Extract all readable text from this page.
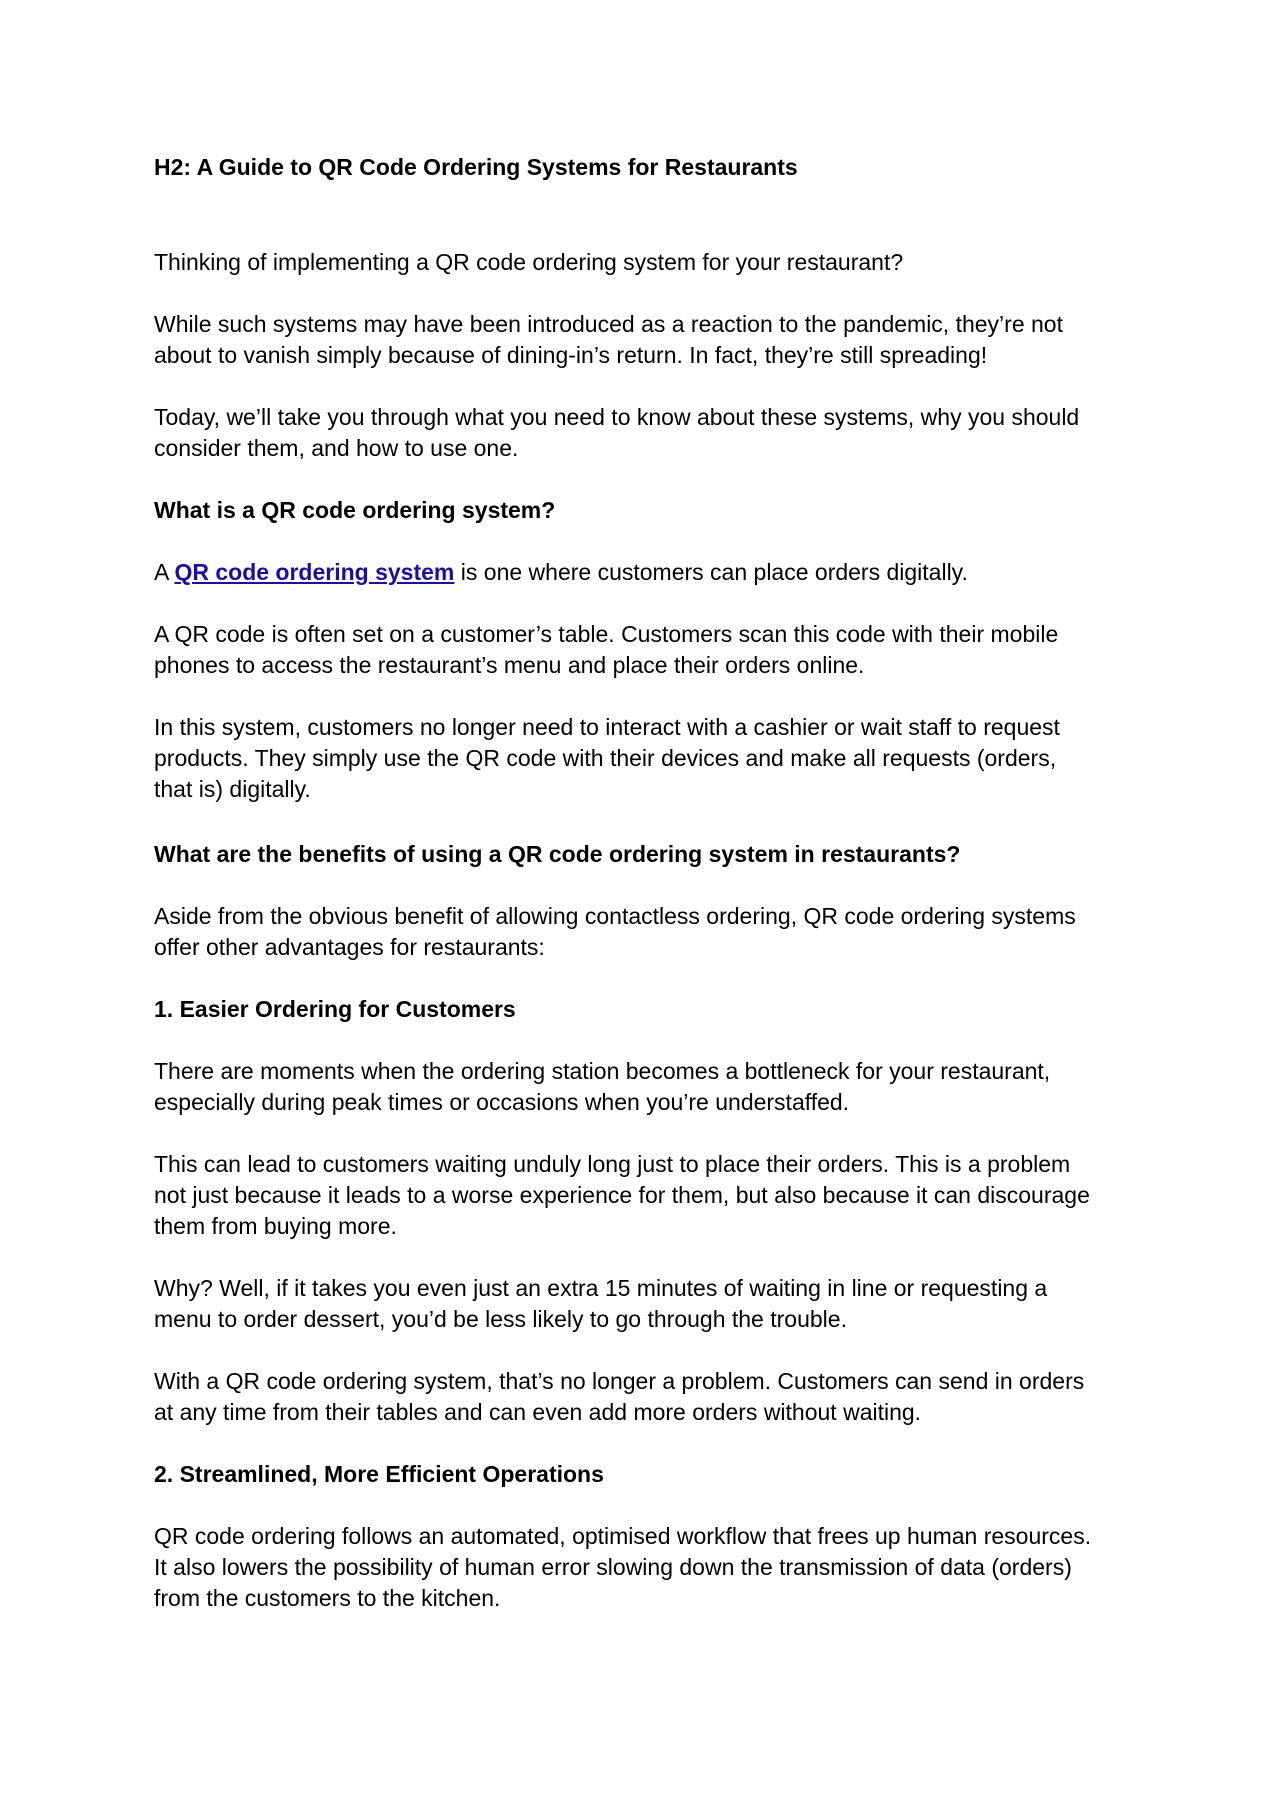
H2: A Guide to QR Code Ordering Systems for Restaurants

Thinking of implementing a QR code ordering system for your restaurant?

While such systems may have been introduced as a reaction to the pandemic, they’re not
about to vanish simply because of dining-in’s return. In fact, they’re still spreading!

Today, we’ll take you through what you need to know about these systems, why you should
consider them, and how to use one.

What is a QR code ordering system?

A QR code ordering system is one where customers can place orders digitally.

A QR code is often set on a customer’s table. Customers scan this code with their mobile
phones to access the restaurant’s menu and place their orders online.

In this system, customers no longer need to interact with a cashier or wait staff to request
products. They simply use the QR code with their devices and make all requests (orders,
that is) digitally.

What are the benefits of using a QR code ordering system in restaurants?

Aside from the obvious benefit of allowing contactless ordering, QR code ordering systems
offer other advantages for restaurants:

1. Easier Ordering for Customers

There are moments when the ordering station becomes a bottleneck for your restaurant,
especially during peak times or occasions when you’re understaffed.

This can lead to customers waiting unduly long just to place their orders. This is a problem
not just because it leads to a worse experience for them, but also because it can discourage
them from buying more.

Why? Well, if it takes you even just an extra 15 minutes of waiting in line or requesting a
menu to order dessert, you’d be less likely to go through the trouble.

With a QR code ordering system, that’s no longer a problem. Customers can send in orders
at any time from their tables and can even add more orders without waiting.

2. Streamlined, More Efficient Operations

QR code ordering follows an automated, optimised workflow that frees up human resources.
It also lowers the possibility of human error slowing down the transmission of data (orders)
from the customers to the kitchen.
